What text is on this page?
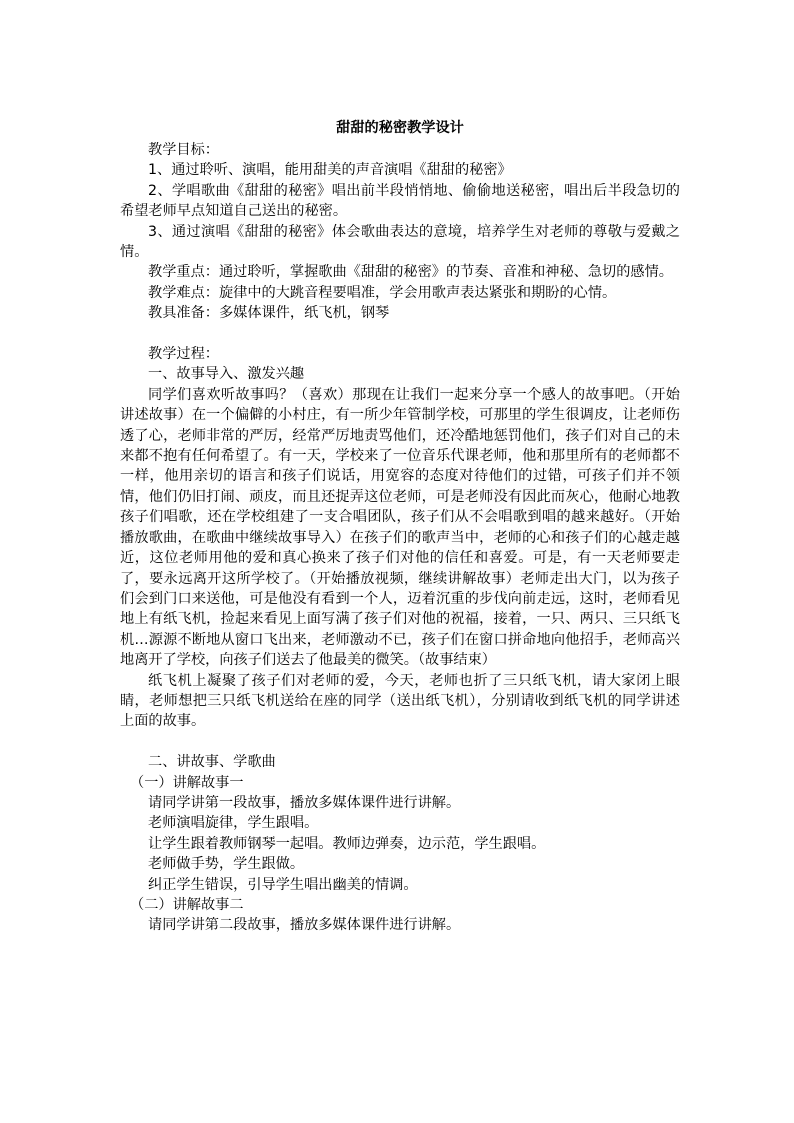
甜甜的秘密教学设计

教学目标：

1、通过聆听、演唱，能用甜美的声音演唱《甜甜的秘密》

2、学唱歌曲《甜甜的秘密》唱出前半段悄悄地、偷偷地送秘密，唱出后半段急切的希望老师早点知道自己送出的秘密。

3、通过演唱《甜甜的秘密》体会歌曲表达的意境，培养学生对老师的尊敬与爱戴之情。

教学重点：通过聆听，掌握歌曲《甜甜的秘密》的节奏、音准和神秘、急切的感情。

教学难点：旋律中的大跳音程要唱准，学会用歌声表达紧张和期盼的心情。

教具准备：多媒体课件，纸飞机，钢琴

教学过程：

一、故事导入、激发兴趣

同学们喜欢听故事吗？（喜欢）那现在让我们一起来分享一个感人的故事吧。（开始讲述故事）在一个偏僻的小村庄，有一所少年管制学校，可那里的学生很调皮，让老师伤透了心，老师非常的严厉，经常严厉地责骂他们，还冷酷地惩罚他们，孩子们对自己的未来都不抱有任何希望了。有一天，学校来了一位音乐代课老师，他和那里所有的老师都不一样，他用亲切的语言和孩子们说话，用宽容的态度对待他们的过错，可孩子们并不领情，他们仍旧打闹、顽皮，而且还捉弄这位老师，可是老师没有因此而灰心，他耐心地教孩子们唱歌，还在学校组建了一支合唱团队，孩子们从不会唱歌到唱的越来越好。（开始播放歌曲，在歌曲中继续故事导入）在孩子们的歌声当中，老师的心和孩子们的心越走越近，这位老师用他的爱和真心换来了孩子们对他的信任和喜爱。可是，有一天老师要走了，要永远离开这所学校了。（开始播放视频，继续讲解故事）老师走出大门，以为孩子们会到门口来送他，可是他没有看到一个人，迈着沉重的步伐向前走远，这时，老师看见地上有纸飞机，捡起来看见上面写满了孩子们对他的祝福，接着，一只、两只、三只纸飞机…源源不断地从窗口飞出来，老师激动不已，孩子们在窗口拼命地向他招手，老师高兴地离开了学校，向孩子们送去了他最美的微笑。（故事结束）

纸飞机上凝聚了孩子们对老师的爱，今天，老师也折了三只纸飞机，请大家闭上眼睛，老师想把三只纸飞机送给在座的同学（送出纸飞机），分别请收到纸飞机的同学讲述上面的故事。

二、讲故事、学歌曲

（一）讲解故事一

请同学讲第一段故事，播放多媒体课件进行讲解。

老师演唱旋律，学生跟唱。

让学生跟着教师钢琴一起唱。教师边弹奏，边示范，学生跟唱。

老师做手势，学生跟做。

纠正学生错误，引导学生唱出幽美的情调。

（二）讲解故事二

请同学讲第二段故事，播放多媒体课件进行讲解。
